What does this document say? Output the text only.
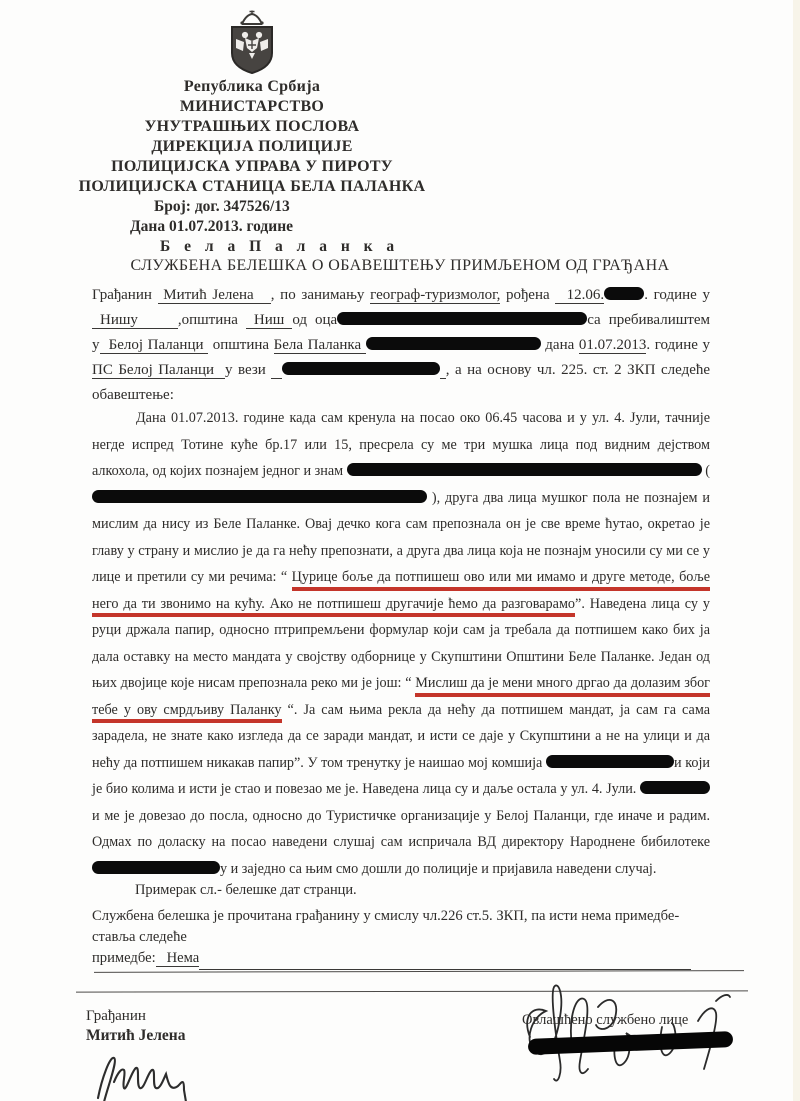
Република Србија
МИНИСТАРСТВО
УНУТРАШЊИХ ПОСЛОВА
ДИРЕКЦИЈА ПОЛИЦИЈЕ
ПОЛИЦИЈСКА УПРАВА У ПИРОТУ
ПОЛИЦИЈСКА СТАНИЦА БЕЛА ПАЛАНКА
Број: дог. 347526/13
Дана 01.07.2013. године
Б е л а П а л а н к а
СЛУЖБЕНА БЕЛЕШКА О ОБАВЕШТЕЊУ ПРИМЉЕНОМ ОД ГРАЂАНА

Грађанин  Митић Јелена   , по занимању географ-туризмолог, рођена   12.06.	. године у  Нишу     ,општина  Ниш од оца	са пребивалиштем у  Белој Паланци  општина Бела Паланка	дана 01.07.2013. године у ПС Белој Паланци  у вези	, а на основу чл. 225. ст. 2 ЗКП следеће обавештење:

Дана 01.07.2013. године када сам кренула на посао око 06.45 часова и у ул. 4. Јули, тачније негде испред Тотине куће бр.17 или 15, пресрела су ме три мушка лица под видним дејством алкохола, од којих познајем једног и знам	(  ), друга два лица мушког пола не познајем и мислим да нису из Беле Паланке. Овај дечко кога сам препознала он је све време ћутао, окретао је главу у страну и мислио је да га нећу препознати, а друга два лица која не познајм уносили су ми се у лице и претили су ми речима: “ Цурице боље да потпишеш ово или ми имамо и друге методе, боље него да ти звонимо на кућу. Ако не потпишеш другачије ћемо да разговарамо”. Наведена лица су у руци држала папир, односно птрипремљени формулар који сам ја требала да потпишем како бих ја дала оставку на место мандата у својству одборнице у Скупштини Општини Беле Паланке. Један од њих двојице које нисам препознала реко ми је још: “ Мислиш да је мени много дргао да долазим због тебе у ову смрдљиву Паланку “. Ја сам њима рекла да нећу да потпишем мандат, ја сам га сама зарадела, не знате како изгледа да се заради мандат, и исти се даје у Скупштини а не на улици и да нећу да потпишем никакав папир”. У том тренутку је наишао мој комшија	и који је био колима и исти је стао и повезао ме је. Наведена лица су и даље остала у ул. 4. Јули. и ме је довезао до посла, односно до Туристичке организације у Белој Паланци, где иначе и радим. Одмах по доласку на посао наведени слушај сам испричала ВД директору Народнене бибилотеке у и заједно са њим смо дошли до полиције и пријавила наведени случај.

Примерак сл.- белешке дат странци.

Службена белешка је прочитана грађанину у смислу чл.226 ст.5. ЗКП, па исти нема примедбе-
ставља следеће
примедбе:   Нема

Грађанин
Митић Јелена
Овлашћено службено лице
